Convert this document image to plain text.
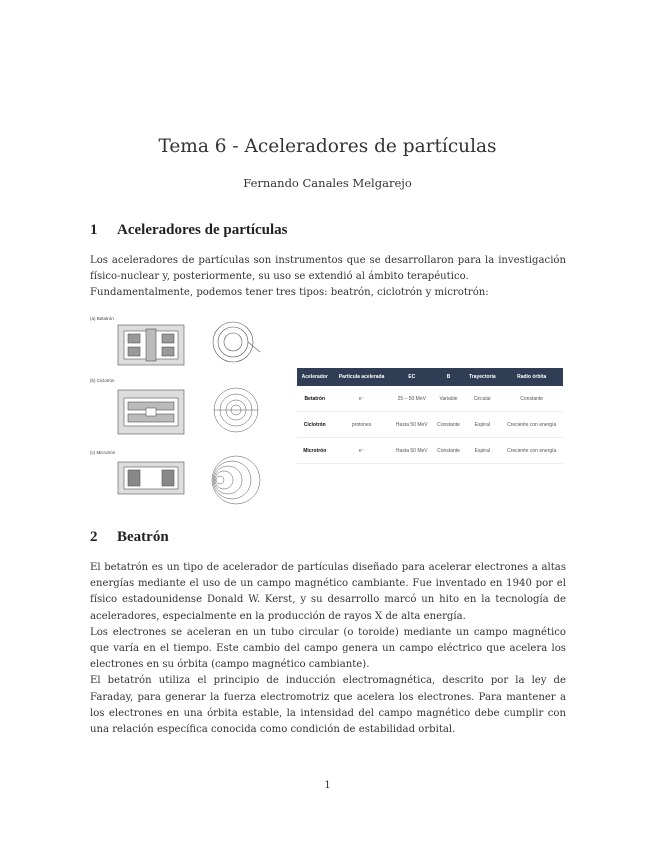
Tema 6 - Aceleradores de partículas
Fernando Canales Melgarejo
1 Aceleradores de partículas

Los aceleradores de partículas son instrumentos que se desarrollaron para la investigación físico-nuclear y, posteriormente, su uso se extendió al ámbito terapéutico.

Fundamentalmente, podemos tener tres tipos: beatrón, ciclotrón y microtrón:

(a) Betatrón
(b) Ciclotrón
(c) Microtrón
Acelerador	Partícula acelerada	EC	B	Trayectoria	Radio órbita
Betatrón	e⁻	25 – 50 MeV	Variable	Circular	Constante
Ciclotrón	protones	Hasta 50 MeV	Constante	Espiral	Creciente con energía
Microtrón	e⁻	Hasta 50 MeV	Constante	Espiral	Creciente con energía
2 Beatrón

El betatrón es un tipo de acelerador de partículas diseñado para acelerar electrones a altas energías mediante el uso de un campo magnético cambiante. Fue inventado en 1940 por el físico estadounidense Donald W. Kerst, y su desarrollo marcó un hito en la tecnología de aceleradores, especialmente en la producción de rayos X de alta energía.

Los electrones se aceleran en un tubo circular (o toroide) mediante un campo magnético que varía en el tiempo. Este cambio del campo genera un campo eléctrico que acelera los electrones en su órbita (campo magnético cambiante).

El betatrón utiliza el principio de inducción electromagnética, descrito por la ley de Faraday, para generar la fuerza electromotriz que acelera los electrones. Para mantener a los electrones en una órbita estable, la intensidad del campo magnético debe cumplir con una relación específica conocida como condición de estabilidad orbital.

1
